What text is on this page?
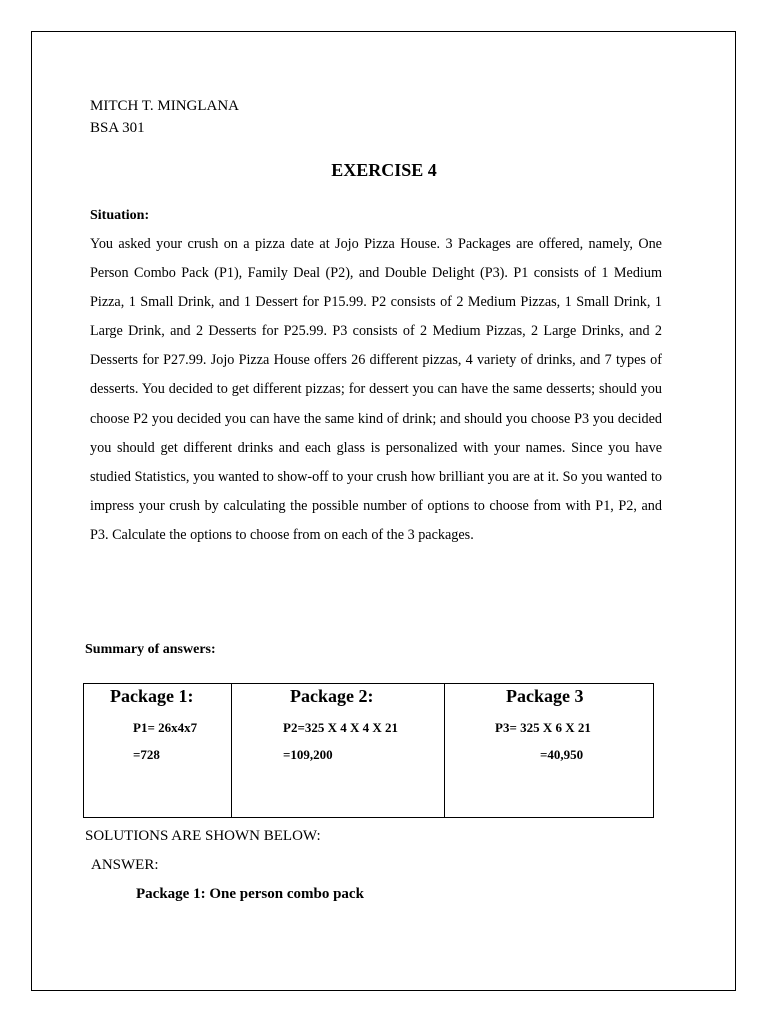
MITCH T. MINGLANA
BSA 301
EXERCISE 4
Situation:
You asked your crush on a pizza date at Jojo Pizza House. 3 Packages are offered, namely, One Person Combo Pack (P1), Family Deal (P2), and Double Delight (P3). P1 consists of 1 Medium Pizza, 1 Small Drink, and 1 Dessert for P15.99. P2 consists of 2 Medium Pizzas, 1 Small Drink, 1 Large Drink, and 2 Desserts for P25.99. P3 consists of 2 Medium Pizzas, 2 Large Drinks, and 2 Desserts for P27.99. Jojo Pizza House offers 26 different pizzas, 4 variety of drinks, and 7 types of desserts. You decided to get different pizzas; for dessert you can have the same desserts; should you choose P2 you decided you can have the same kind of drink; and should you choose P3 you decided you should get different drinks and each glass is personalized with your names. Since you have studied Statistics, you wanted to show-off to your crush how brilliant you are at it. So you wanted to impress your crush by calculating the possible number of options to choose from with P1, P2, and P3. Calculate the options to choose from on each of the 3 packages.
Summary of answers:
Package 1:
P1= 26x4x7
=728
Package 2:
P2=325 X 4 X 4 X 21
=109,200
Package 3
P3= 325 X 6 X 21
=40,950
SOLUTIONS ARE SHOWN BELOW:
ANSWER:
Package 1: One person combo pack
